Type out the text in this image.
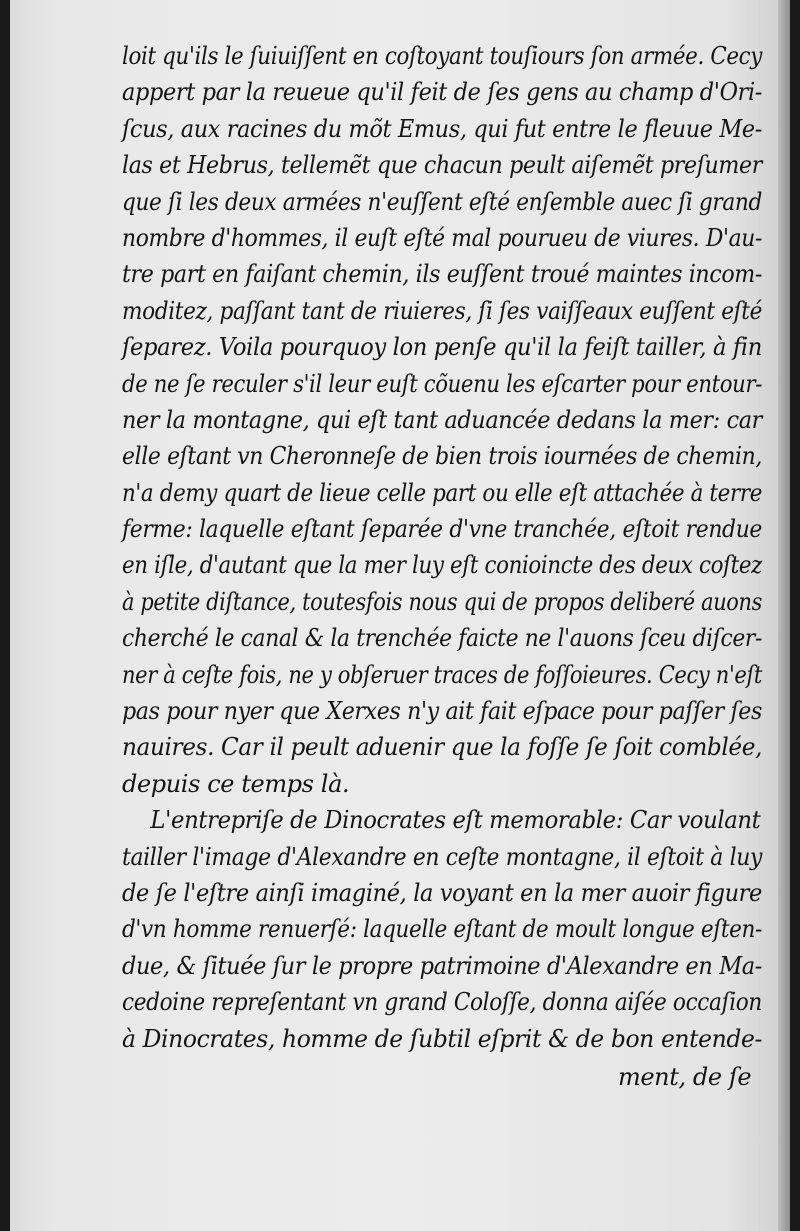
loit qu'ils le ſuiuiſſent en coſtoyant touſiours ſon armée. Cecy
appert par la reueue qu'il feit de ſes gens au champ d'Ori-
ſcus, aux racines du mõt Emus, qui fut entre le fleuue Me-
las et Hebrus, tellemẽt que chacun peult aiſemẽt preſumer
que ſi les deux armées n'euſſent eſté enſemble auec ſi grand
nombre d'hommes, il euſt eſté mal pourueu de viures. D'au-
tre part en faiſant chemin, ils euſſent troué maintes incom-
moditez, paſſant tant de riuieres, ſi ſes vaiſſeaux euſſent eſté
ſeparez. Voila pourquoy lon penſe qu'il la feiſt tailler, à fin
de ne ſe reculer s'il leur euſt cõuenu les eſcarter pour entour-
ner la montagne, qui eſt tant aduancée dedans la mer: car
elle eſtant vn Cheronneſe de bien trois iournées de chemin,
n'a demy quart de lieue celle part ou elle eſt attachée à terre
ferme: laquelle eſtant ſeparée d'vne tranchée, eſtoit rendue
en iſle, d'autant que la mer luy eſt conioincte des deux coſtez
à petite diſtance, toutesfois nous qui de propos deliberé auons
cherché le canal & la trenchée faicte ne l'auons ſceu diſcer-
ner à ceſte fois, ne y obſeruer traces de foſſoieures. Cecy n'eſt
pas pour nyer que Xerxes n'y ait fait eſpace pour paſſer ſes
nauires. Car il peult aduenir que la foſſe ſe ſoit comblée,
depuis ce temps là.
L'entrepriſe de Dinocrates eſt memorable: Car voulant
tailler l'image d'Alexandre en ceſte montagne, il eſtoit à luy
de ſe l'eſtre ainſi imaginé, la voyant en la mer auoir figure
d'vn homme renuerſé: laquelle eſtant de moult longue eſten-
due, & ſituée ſur le propre patrimoine d'Alexandre en Ma-
cedoine repreſentant vn grand Coloſſe, donna aiſée occaſion
à Dinocrates, homme de ſubtil eſprit & de bon entende-
ment, de ſe
